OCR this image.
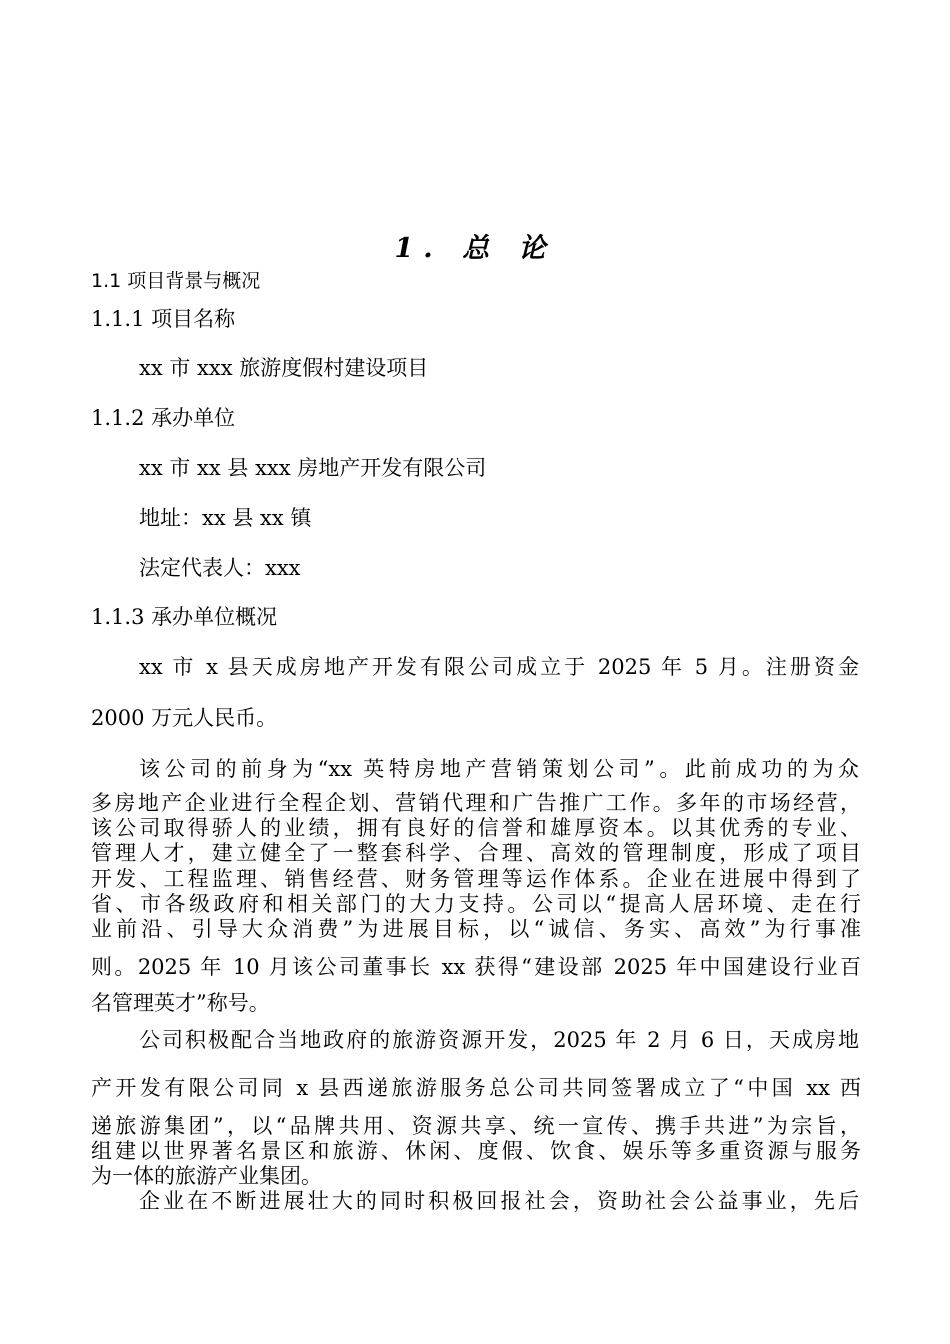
1. 总 论
1.1 项目背景与概况
1.1.1 项目名称
xx 市 xxx 旅游度假村建设项目
1.1.2 承办单位
xx 市 xx 县 xxx 房地产开发有限公司
地址：xx 县 xx 镇
法定代表人：xxx
1.1.3 承办单位概况
xx 市 x 县天成房地产开发有限公司成立于 2025 年 5 月。注册资金
2000 万元人民币。
该公司的前身为“xx 英特房地产营销策划公司”。此前成功的为众
多房地产企业进行全程企划、营销代理和广告推广工作。多年的市场经营，
该公司取得骄人的业绩，拥有良好的信誉和雄厚资本。以其优秀的专业、
管理人才，建立健全了一整套科学、合理、高效的管理制度，形成了项目
开发、工程监理、销售经营、财务管理等运作体系。企业在进展中得到了
省、市各级政府和相关部门的大力支持。公司以“提高人居环境、走在行
业前沿、引导大众消费”为进展目标，以“诚信、务实、高效”为行事准
则。2025 年 10 月该公司董事长 xx 获得“建设部 2025 年中国建设行业百
名管理英才”称号。
公司积极配合当地政府的旅游资源开发，2025 年 2 月 6 日，天成房地
产开发有限公司同 x 县西递旅游服务总公司共同签署成立了“中国 xx 西
递旅游集团”，以“品牌共用、资源共享、统一宣传、携手共进”为宗旨，
组建以世界著名景区和旅游、休闲、度假、饮食、娱乐等多重资源与服务
为一体的旅游产业集团。
企业在不断进展壮大的同时积极回报社会，资助社会公益事业，先后
